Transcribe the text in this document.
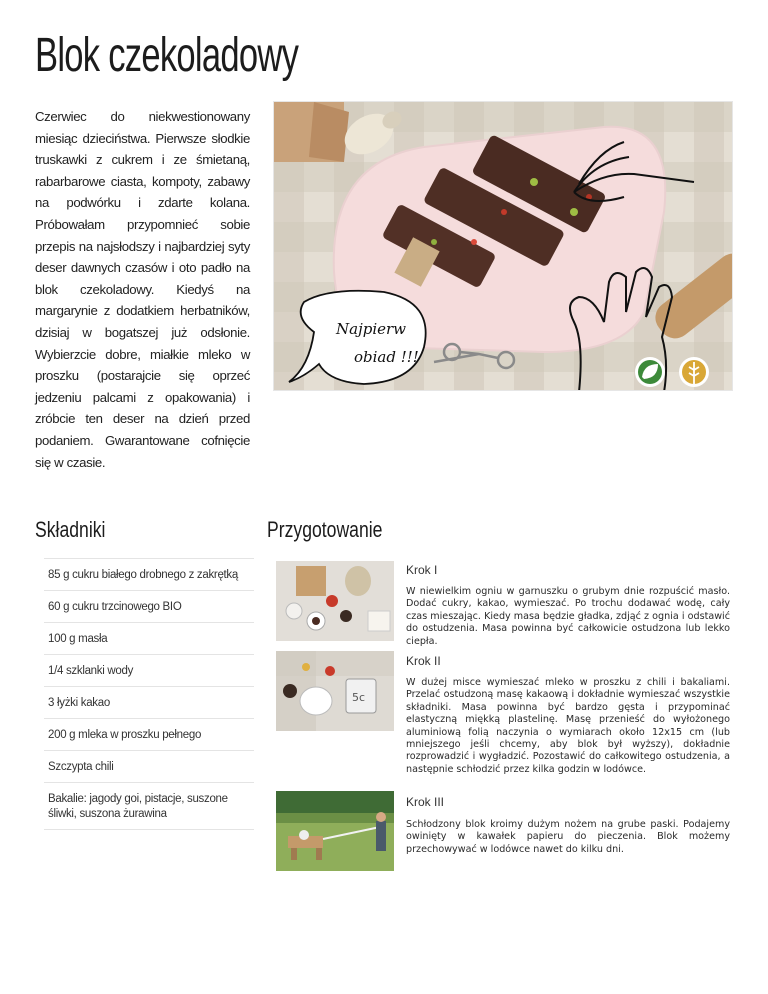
Blok czekoladowy
Czerwiec do niekwestionowany miesiąc dzieciństwa. Pierwsze słodkie truskawki z cukrem i ze śmietaną, rabarbarowe ciasta, kompoty, zabawy na podwórku i zdarte kolana. Próbowałam przypomnieć sobie przepis na najsłodszy i najbardziej syty deser dawnych czasów i oto padło na blok czekoladowy. Kiedyś na margarynie z dodatkiem herbatników, dzisiaj w bogatszej już odsłonie. Wybierzcie dobre, miałkie mleko w proszku (postarajcie się oprzeć jedzeniu palcami z opakowania) i zróbcie ten deser na dzień przed podaniem. Gwarantowane cofnięcie się w czasie.
Najpierw
obiad !!!
Składniki
85 g cukru białego drobnego z zakrętką
60 g cukru trzcinowego BIO
100 g masła
1/4 szklanki wody
3 łyżki kakao
200 g mleka w proszku pełnego
Szczypta chili
Bakalie: jagody goi, pistacje, suszone śliwki, suszona żurawina
Przygotowanie
Krok I
W niewielkim ogniu w garnuszku o grubym dnie rozpuścić masło. Dodać cukry, kakao, wymieszać. Po trochu dodawać wodę, cały czas mieszając. Kiedy masa będzie gładka, zdjąć z ognia i odstawić do ostudzenia. Masa powinna być całkowicie ostudzona lub lekko ciepła.
5c
Krok II
W dużej misce wymieszać mleko w proszku z chili i bakaliami. Przelać ostudzoną masę kakaową i dokładnie wymieszać wszystkie składniki. Masa powinna być bardzo gęsta i przypominać elastyczną miękką plastelinę. Masę przenieść do wyłożonego aluminiową folią naczynia o wymiarach około 12x15 cm (lub mniejszego jeśli chcemy, aby blok był wyższy), dokładnie rozprowadzić i wygładzić. Pozostawić do całkowitego ostudzenia, a następnie schłodzić przez kilka godzin w lodówce.
Krok III
Schłodzony blok kroimy dużym nożem na grube paski. Podajemy owinięty w kawałek papieru do pieczenia. Blok możemy przechowywać w lodówce nawet do kilku dni.
